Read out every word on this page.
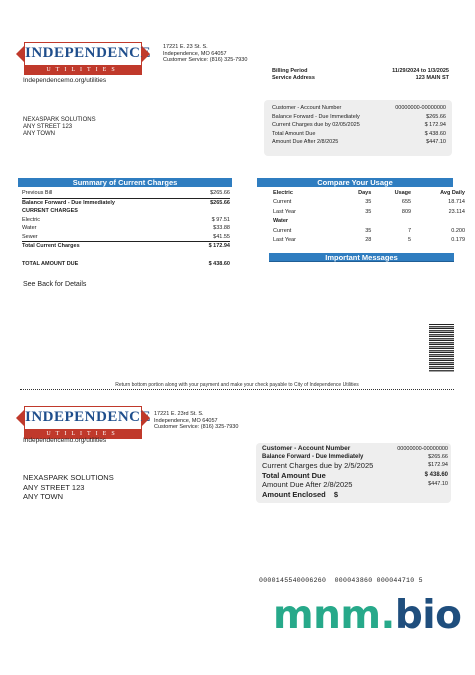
INDEPENDENCE
UTILITIES
17221 E. 23 St. S.
Independence, MO 64057
Customer Service: (816) 325-7930
Independencemo.org/utilities
Billing Period	11/29/2024 to 1/3/2025
Service Address	123 MAIN ST
NEXASPARK SOLUTIONS
ANY STREET 123
ANY TOWN
Customer - Account Number	00000000-00000000
Balance Forward - Due Immediately	$265.66
Current Charges due by 02/05/2025	$ 172.94
Total Amount Due	$ 438.60
Amount Due After 2/8/2025	$447.10
Summary of Current Charges
Previous Bill	$265.66
Balance Forward - Due Immediately	$265.66
CURRENT CHARGES
Electric	$ 97.51
Water	$33.88
Sewer	$41.55
Total Current Charges	$ 172.94
TOTAL AMOUNT DUE	$ 438.60
See Back for Details
Compare Your Usage
Electric	Days	Usage	Avg Daily
Current	35	655	18.714
Last Year	35	809	23.114
Water			
Current	35	7	0.200
Last Year	28	5	0.179
Important Messages
Return bottom portion along with your payment and make your check payable to City of Independence Utilities
INDEPENDENCE
UTILITIES
17221 E. 23rd St. S.
Independence, MO 64057
Customer Service: (816) 325-7930
Independencemo.org/utilities
NEXASPARK SOLUTIONS
ANY STREET 123
ANY TOWN
Customer - Account Number	00000000-00000000
Balance Forward - Due Immediately	$265.66
Current Charges due by 2/5/2025	$172.94
Total Amount Due	$ 438.60
Amount Due After 2/8/2025	$447.10
Amount Enclosed $
0000145540006260  000043860 000044710 5
mnm.bio
